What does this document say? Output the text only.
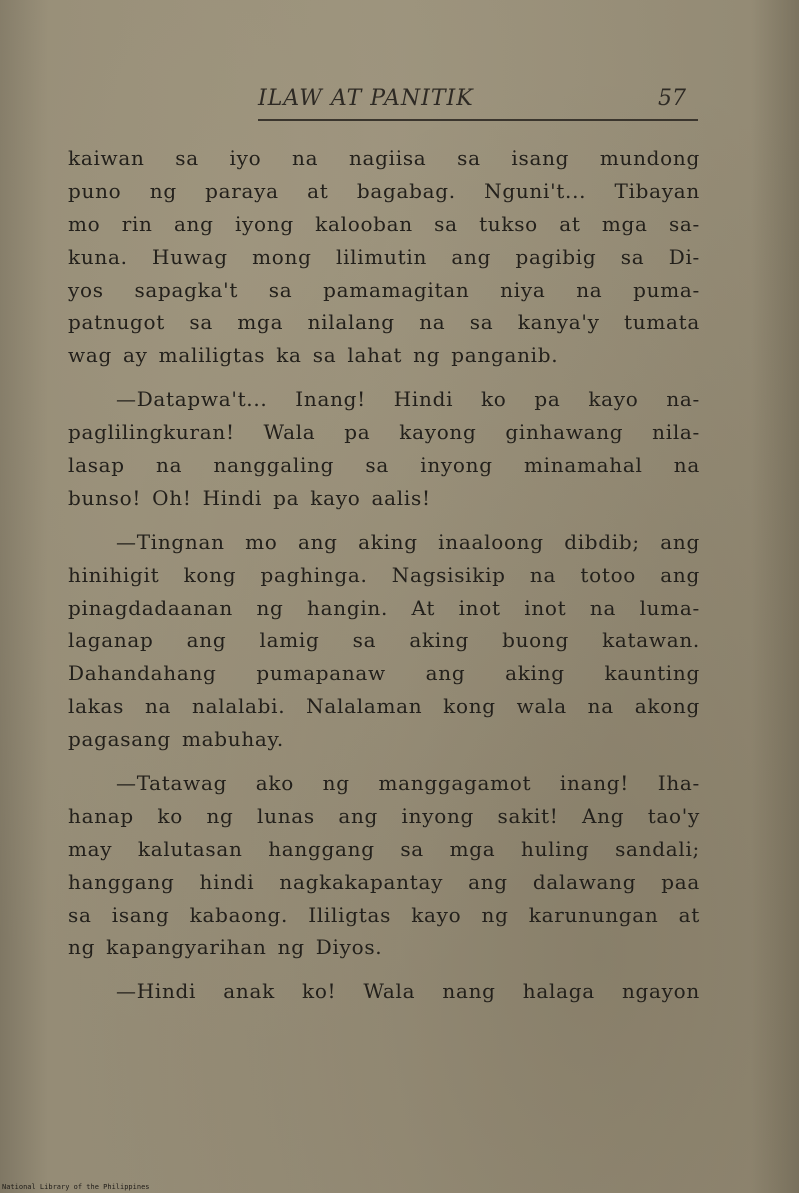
ILAW AT PANITIK	57
kaiwan sa iyo na nagiisa sa isang mundong
puno ng paraya at bagabag. Nguni't... Tibayan
mo rin ang iyong kalooban sa tukso at mga sa-
kuna. Huwag mong lilimutin ang pagibig sa Di-
yos sapagka't sa pamamagitan niya na puma-
patnugot sa mga nilalang na sa kanya'y tumata
wag ay maliligtas ka sa lahat ng panganib.
—Datapwa't... Inang! Hindi ko pa kayo na-
paglilingkuran! Wala pa kayong ginhawang nila-
lasap na nanggaling sa inyong minamahal na
bunso! Oh! Hindi pa kayo aalis!
—Tingnan mo ang aking inaaloong dibdib; ang
hinihigit kong paghinga. Nagsisikip na totoo ang
pinagdadaanan ng hangin. At inot inot na luma-
laganap ang lamig sa aking buong katawan.
Dahandahang pumapanaw ang aking kaunting
lakas na nalalabi. Nalalaman kong wala na akong
pagasang mabuhay.
—Tatawag ako ng manggagamot inang! Iha-
hanap ko ng lunas ang inyong sakit! Ang tao'y
may kalutasan hanggang sa mga huling sandali;
hanggang hindi nagkakapantay ang dalawang paa
sa isang kabaong. Ililigtas kayo ng karunungan at
ng kapangyarihan ng Diyos.
—Hindi anak ko! Wala nang halaga ngayon
National Library of the Philippines
